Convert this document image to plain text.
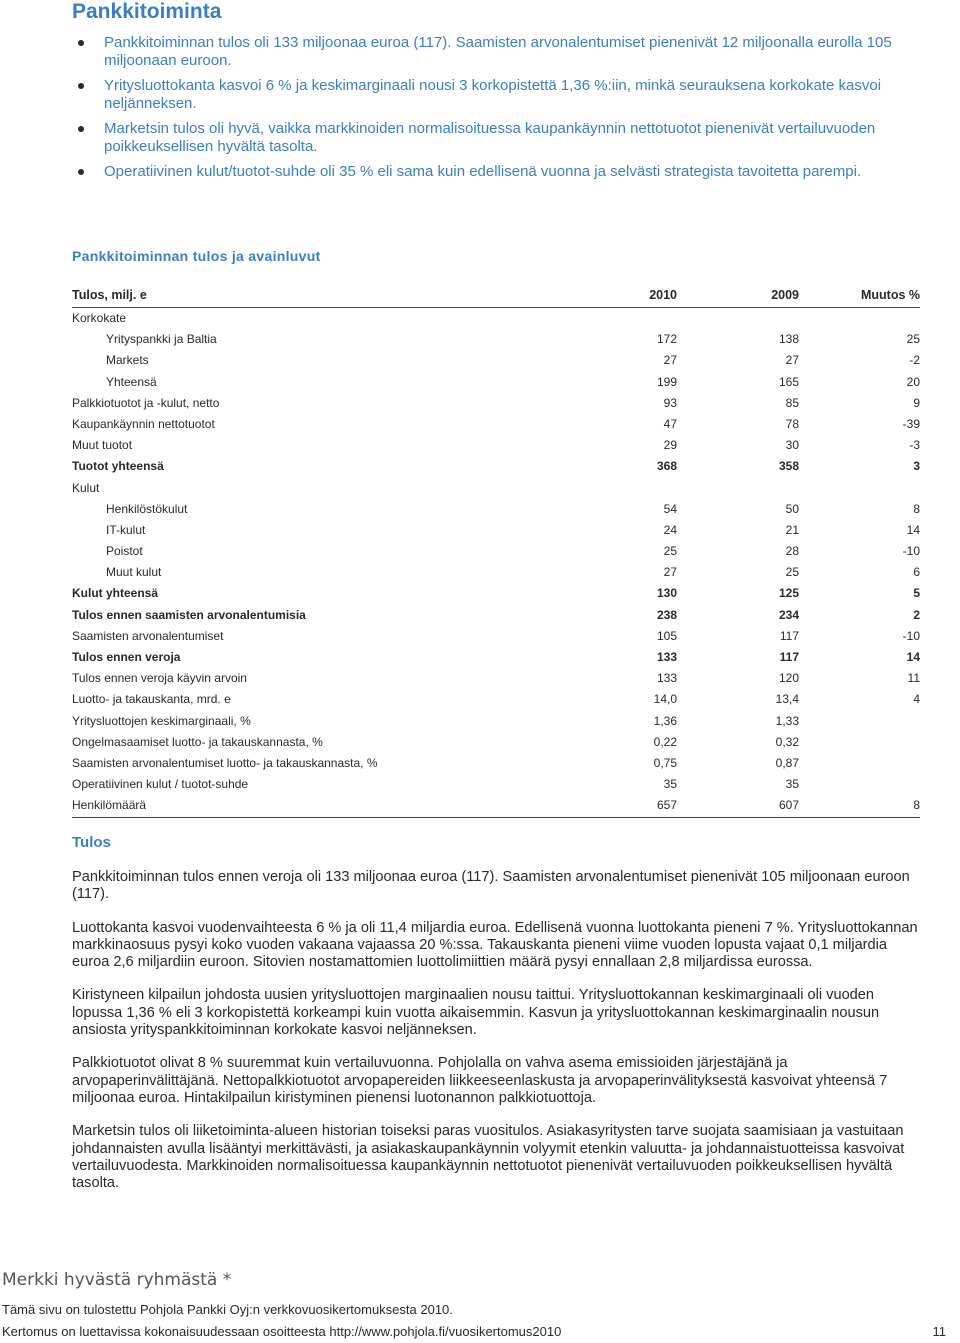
Pankkitoiminta
Pankkitoiminnan tulos oli 133 miljoonaa euroa (117). Saamisten arvonalentumiset pienenivät 12 miljoonalla eurolla 105 miljoonaan euroon.
Yritysluottokanta kasvoi 6 % ja keskimarginaali nousi 3 korkopistettä 1,36 %:iin, minkä seurauksena korkokate kasvoi neljänneksen.
Marketsin tulos oli hyvä, vaikka markkinoiden normalisoituessa kaupankäynnin nettotuotot pienenivät vertailuvuoden poikkeuksellisen hyvältä tasolta.
Operatiivinen kulut/tuotot-suhde oli 35 % eli sama kuin edellisenä vuonna ja selvästi strategista tavoitetta parempi.
Pankkitoiminnan tulos ja avainluvut
Tulos, milj. e	2010	2009	Muutos %
Korkokate
Yrityspankki ja Baltia	172	138	25
Markets	27	27	-2
Yhteensä	199	165	20
Palkkiotuotot ja -kulut, netto	93	85	9
Kaupankäynnin nettotuotot	47	78	-39
Muut tuotot	29	30	-3
Tuotot yhteensä	368	358	3
Kulut
Henkilöstökulut	54	50	8
IT-kulut	24	21	14
Poistot	25	28	-10
Muut kulut	27	25	6
Kulut yhteensä	130	125	5
Tulos ennen saamisten arvonalentumisia	238	234	2
Saamisten arvonalentumiset	105	117	-10
Tulos ennen veroja	133	117	14
Tulos ennen veroja käyvin arvoin	133	120	11
Luotto- ja takauskanta, mrd. e	14,0	13,4	4
Yritysluottojen keskimarginaali, %	1,36	1,33
Ongelmasaamiset luotto- ja takauskannasta, %	0,22	0,32
Saamisten arvonalentumiset luotto- ja takauskannasta, %	0,75	0,87
Operatiivinen kulut / tuotot-suhde	35	35
Henkilömäärä	657	607	8
Tulos

Pankkitoiminnan tulos ennen veroja oli 133 miljoonaa euroa (117). Saamisten arvonalentumiset pienenivät 105 miljoonaan euroon (117).

Luottokanta kasvoi vuodenvaihteesta 6 % ja oli 11,4 miljardia euroa. Edellisenä vuonna luottokanta pieneni 7 %. Yritysluottokannan markkinaosuus pysyi koko vuoden vakaana vajaassa 20 %:ssa. Takauskanta pieneni viime vuoden lopusta vajaat 0,1 miljardia euroa 2,6 miljardiin euroon. Sitovien nostamattomien luottolimiittien määrä pysyi ennallaan 2,8 miljardissa eurossa.

Kiristyneen kilpailun johdosta uusien yritysluottojen marginaalien nousu taittui. Yritysluottokannan keskimarginaali oli vuoden lopussa 1,36 % eli 3 korkopistettä korkeampi kuin vuotta aikaisemmin. Kasvun ja yritysluottokannan keskimarginaalin nousun ansiosta yrityspankkitoiminnan korkokate kasvoi neljänneksen.

Palkkiotuotot olivat 8 % suuremmat kuin vertailuvuonna. Pohjolalla on vahva asema emissioiden järjestäjänä ja arvopaperinvälittäjänä. Nettopalkkiotuotot arvopapereiden liikkeeseenlaskusta ja arvopaperinvälityksestä kasvoivat yhteensä 7 miljoonaa euroa. Hintakilpailun kiristyminen pienensi luotonannon palkkiotuottoja.

Marketsin tulos oli liiketoiminta-alueen historian toiseksi paras vuositulos. Asiakasyritysten tarve suojata saamisiaan ja vastuitaan johdannaisten avulla lisääntyi merkittävästi, ja asiakaskaupankäynnin volyymit etenkin valuutta- ja johdannaistuotteissa kasvoivat vertailuvuodesta. Markkinoiden normalisoituessa kaupankäynnin nettotuotot pienenivät vertailuvuoden poikkeuksellisen hyvältä tasolta.

Merkki hyvästä ryhmästä *
Tämä sivu on tulostettu Pohjola Pankki Oyj:n verkkovuosikertomuksesta 2010.
Kertomus on luettavissa kokonaisuudessaan osoitteesta http://www.pohjola.fi/vuosikertomus2010	11
